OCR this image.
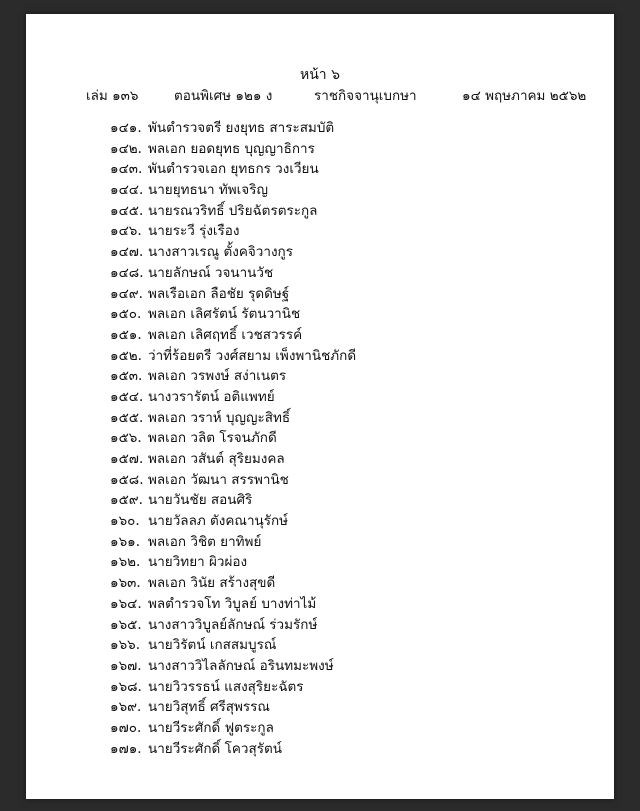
หน้า ๖
เล่ม ๑๓๖	ตอนพิเศษ ๑๒๑ ง	ราชกิจจานุเบกษา	๑๔ พฤษภาคม ๒๕๖๒
๑๔๑. พันตำรวจตรี ยงยุทธ สาระสมบัติ
๑๔๒. พลเอก ยอดยุทธ บุญญาธิการ
๑๔๓. พันตำรวจเอก ยุทธกร วงเวียน
๑๔๔. นายยุทธนา ทัพเจริญ
๑๔๕. นายรณวริทธิ์ ปริยฉัตรตระกูล
๑๔๖. นายระวี รุ่งเรือง
๑๔๗. นางสาวเรณู ตั้งคจิวางกูร
๑๔๘. นายลักษณ์ วจนานวัช
๑๔๙. พลเรือเอก ลือชัย รุดดิษฐ์
๑๕๐. พลเอก เลิศรัตน์ รัตนวานิช
๑๕๑. พลเอก เลิศฤทธิ์ เวชสวรรค์
๑๕๒. ว่าที่ร้อยตรี วงศ์สยาม เพ็งพานิชภักดี
๑๕๓. พลเอก วรพงษ์ สง่าเนตร
๑๕๔. นางวรารัตน์ อติแพทย์
๑๕๕. พลเอก วราห์ บุญญะสิทธิ์
๑๕๖. พลเอก วลิต โรจนภักดี
๑๕๗. พลเอก วสันต์ สุริยมงคล
๑๕๘. พลเอก วัฒนา สรรพานิช
๑๕๙. นายวันชัย สอนศิริ
๑๖๐. นายวัลลภ ตังคณานุรักษ์
๑๖๑. พลเอก วิชิต ยาทิพย์
๑๖๒. นายวิทยา ผิวผ่อง
๑๖๓. พลเอก วินัย สร้างสุขดี
๑๖๔. พลตำรวจโท วิบูลย์ บางท่าไม้
๑๖๕. นางสาววิบูลย์ลักษณ์ ร่วมรักษ์
๑๖๖. นายวิรัตน์ เกสสมบูรณ์
๑๖๗. นางสาววิไลลักษณ์ อรินทมะพงษ์
๑๖๘. นายวิวรรธน์ แสงสุริยะฉัตร
๑๖๙. นายวิสุทธิ์ ศรีสุพรรณ
๑๗๐. นายวีระศักดิ์ ฟูตระกูล
๑๗๑. นายวีระศักดิ์ โควสุรัตน์
